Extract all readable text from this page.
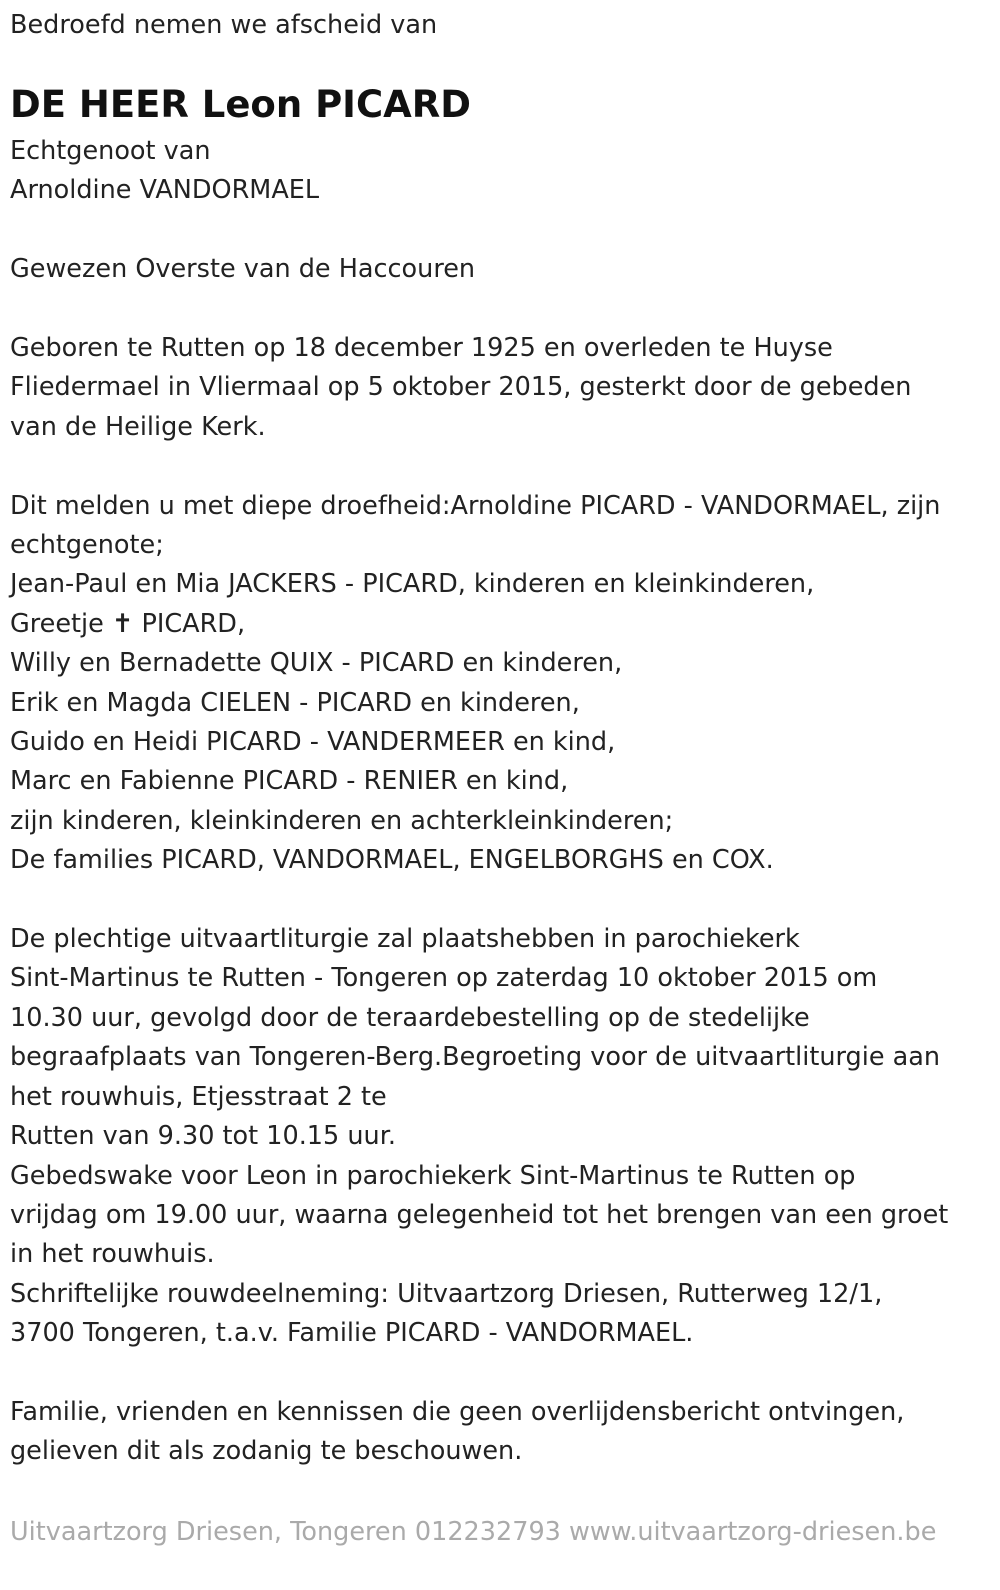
Bedroefd nemen we afscheid van

DE HEER Leon PICARD

Echtgenoot van

Arnoldine VANDORMAEL

Gewezen Overste van de Haccouren

Geboren te Rutten op 18 december 1925 en overleden te Huyse

Fliedermael in Vliermaal op 5 oktober 2015, gesterkt door de gebeden

van de Heilige Kerk.

Dit melden u met diepe droefheid:Arnoldine PICARD - VANDORMAEL, zijn

echtgenote;

Jean-Paul en Mia JACKERS - PICARD, kinderen en kleinkinderen,

Greetje ✝ PICARD,

Willy en Bernadette QUIX - PICARD en kinderen,

Erik en Magda CIELEN - PICARD en kinderen,

Guido en Heidi PICARD - VANDERMEER en kind,

Marc en Fabienne PICARD - RENIER en kind,

zijn kinderen, kleinkinderen en achterkleinkinderen;

De families PICARD, VANDORMAEL, ENGELBORGHS en COX.

De plechtige uitvaartliturgie zal plaatshebben in parochiekerk

Sint-Martinus te Rutten - Tongeren op zaterdag 10 oktober 2015 om

10.30 uur, gevolgd door de teraardebestelling op de stedelijke

begraafplaats van Tongeren-Berg.Begroeting voor de uitvaartliturgie aan

het rouwhuis, Etjesstraat 2 te

Rutten van 9.30 tot 10.15 uur.

Gebedswake voor Leon in parochiekerk Sint-Martinus te Rutten op

vrijdag om 19.00 uur, waarna gelegenheid tot het brengen van een groet

in het rouwhuis.

Schriftelijke rouwdeelneming: Uitvaartzorg Driesen, Rutterweg 12/1,

3700 Tongeren, t.a.v. Familie PICARD - VANDORMAEL.

Familie, vrienden en kennissen die geen overlijdensbericht ontvingen,

gelieven dit als zodanig te beschouwen.

Uitvaartzorg Driesen, Tongeren 012232793 www.uitvaartzorg-driesen.be
